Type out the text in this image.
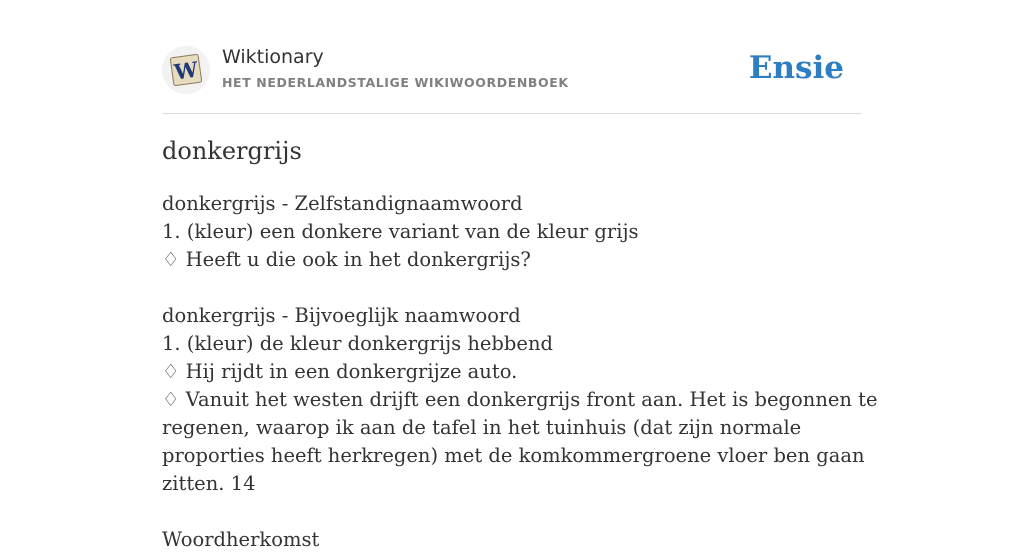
W Wiktionary
HET NEDERLANDSTALIGE WIKIWOORDENBOEK	Ensie
donkergrijs
donkergrijs - Zelfstandignaamwoord
1. (kleur) een donkere variant van de kleur grijs
♢ Heeft u die ook in het donkergrijs?
donkergrijs - Bijvoeglijk naamwoord
1. (kleur) de kleur donkergrijs hebbend
♢ Hij rijdt in een donkergrijze auto.
♢ Vanuit het westen drijft een donkergrijs front aan. Het is begonnen te regenen, waarop ik aan de tafel in het tuinhuis (dat zijn normale proporties heeft herkregen) met de komkommergroene vloer ben gaan zitten. 14
Woordherkomst
